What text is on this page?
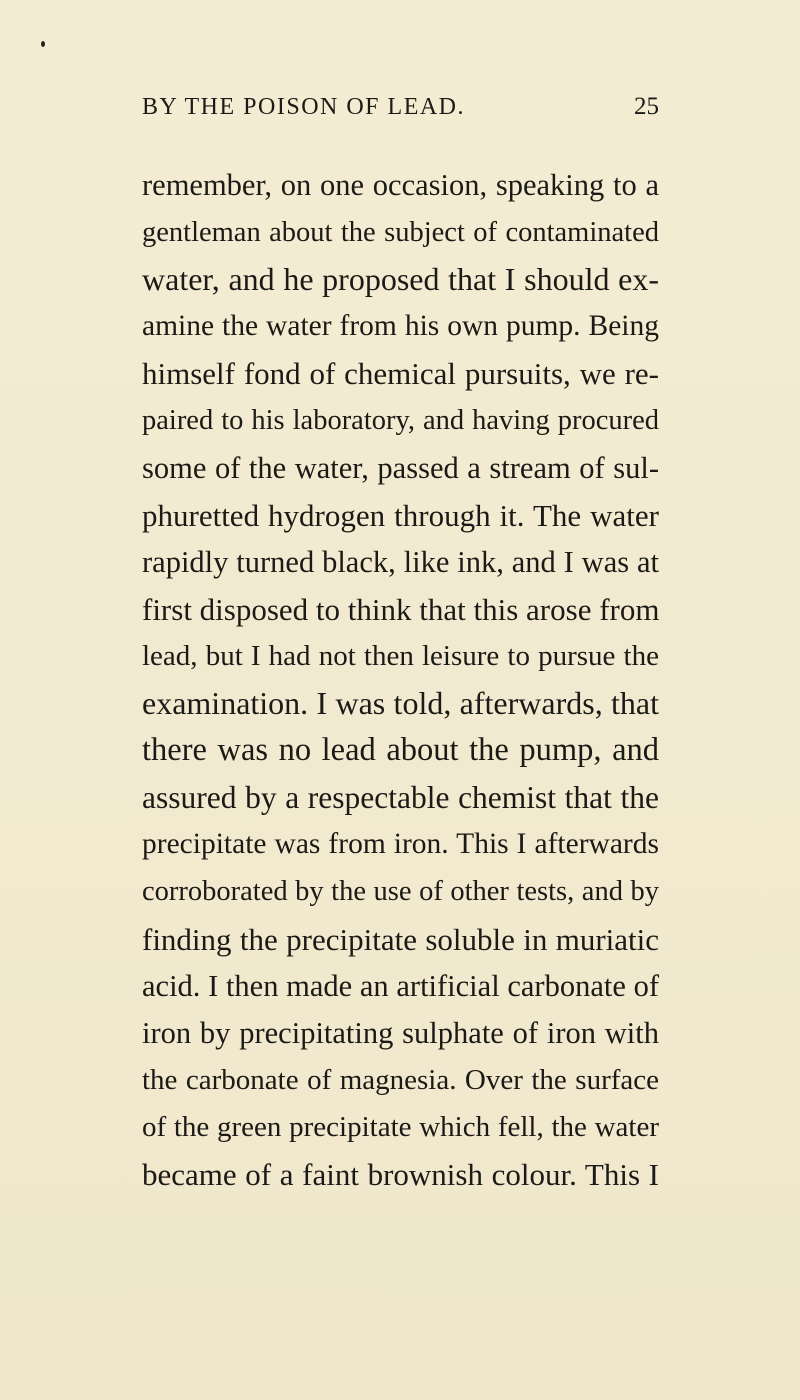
BY THE POISON OF LEAD.	25
remember, on one occasion, speaking to a
gentleman about the subject of contaminated
water, and he proposed that I should ex-
amine the water from his own pump. Being
himself fond of chemical pursuits, we re-
paired to his laboratory, and having procured
some of the water, passed a stream of sul-
phuretted hydrogen through it. The water
rapidly turned black, like ink, and I was at
first disposed to think that this arose from
lead, but I had not then leisure to pursue the
examination. I was told, afterwards, that
there was no lead about the pump, and
assured by a respectable chemist that the
precipitate was from iron. This I afterwards
corroborated by the use of other tests, and by
finding the precipitate soluble in muriatic
acid. I then made an artificial carbonate of
iron by precipitating sulphate of iron with
the carbonate of magnesia. Over the surface
of the green precipitate which fell, the water
became of a faint brownish colour. This I
